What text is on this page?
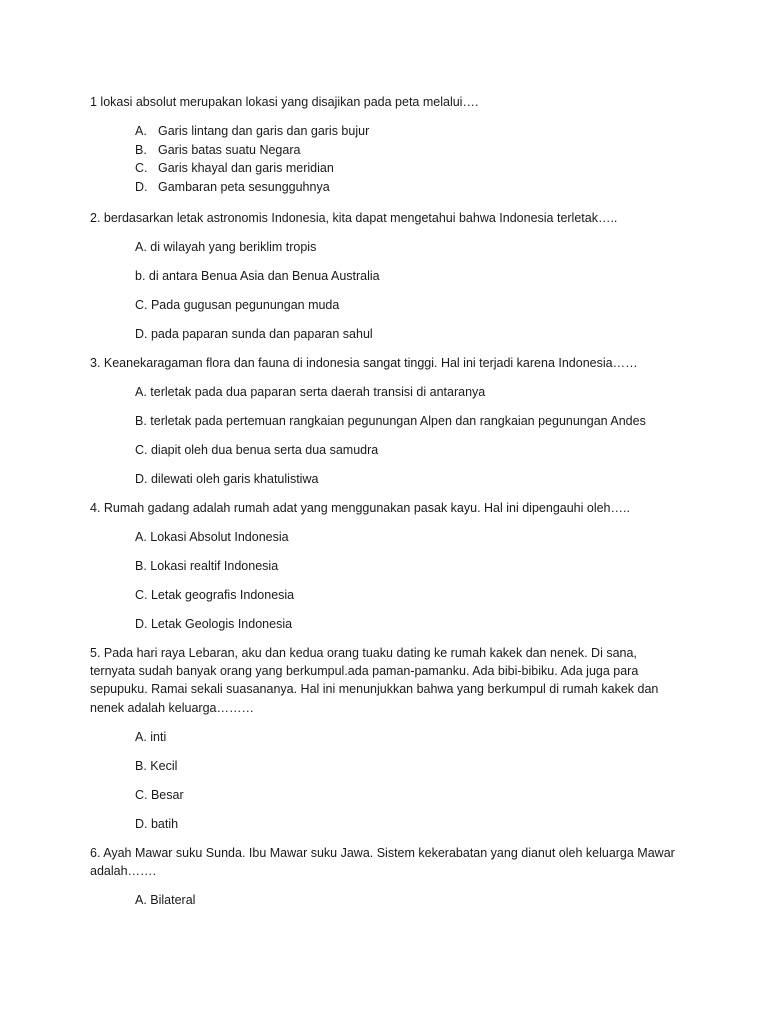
1 lokasi absolut merupakan lokasi yang disajikan pada peta melalui….

A. Garis lintang dan garis dan garis bujur
B. Garis batas suatu Negara
C. Garis khayal dan garis meridian
D. Gambaran peta sesungguhnya

2. berdasarkan letak astronomis Indonesia, kita dapat mengetahui bahwa Indonesia terletak…..

A. di wilayah yang beriklim tropis
b. di antara Benua Asia dan Benua Australia
C. Pada gugusan pegunungan muda
D. pada paparan sunda dan paparan sahul

3. Keanekaragaman flora dan fauna di indonesia sangat tinggi. Hal ini terjadi karena Indonesia……

A. terletak pada dua paparan serta daerah transisi di antaranya
B. terletak pada pertemuan rangkaian pegunungan Alpen dan rangkaian pegunungan Andes
C. diapit oleh dua benua serta dua samudra
D. dilewati oleh garis khatulistiwa

4. Rumah gadang adalah rumah adat yang menggunakan pasak kayu. Hal ini dipengauhi oleh…..

A. Lokasi Absolut Indonesia
B. Lokasi realtif Indonesia
C. Letak geografis Indonesia
D. Letak Geologis Indonesia
5. Pada hari raya Lebaran, aku dan kedua orang tuaku dating ke rumah kakek dan nenek. Di sana,
ternyata sudah banyak orang yang berkumpul.ada paman-pamanku. Ada bibi-bibiku. Ada juga para
sepupuku. Ramai sekali suasananya. Hal ini menunjukkan bahwa yang berkumpul di rumah kakek dan
nenek adalah keluarga………
A. inti
B. Kecil
C. Besar
D. batih
6. Ayah Mawar suku Sunda. Ibu Mawar suku Jawa. Sistem kekerabatan yang dianut oleh keluarga Mawar
adalah…….
A. Bilateral
